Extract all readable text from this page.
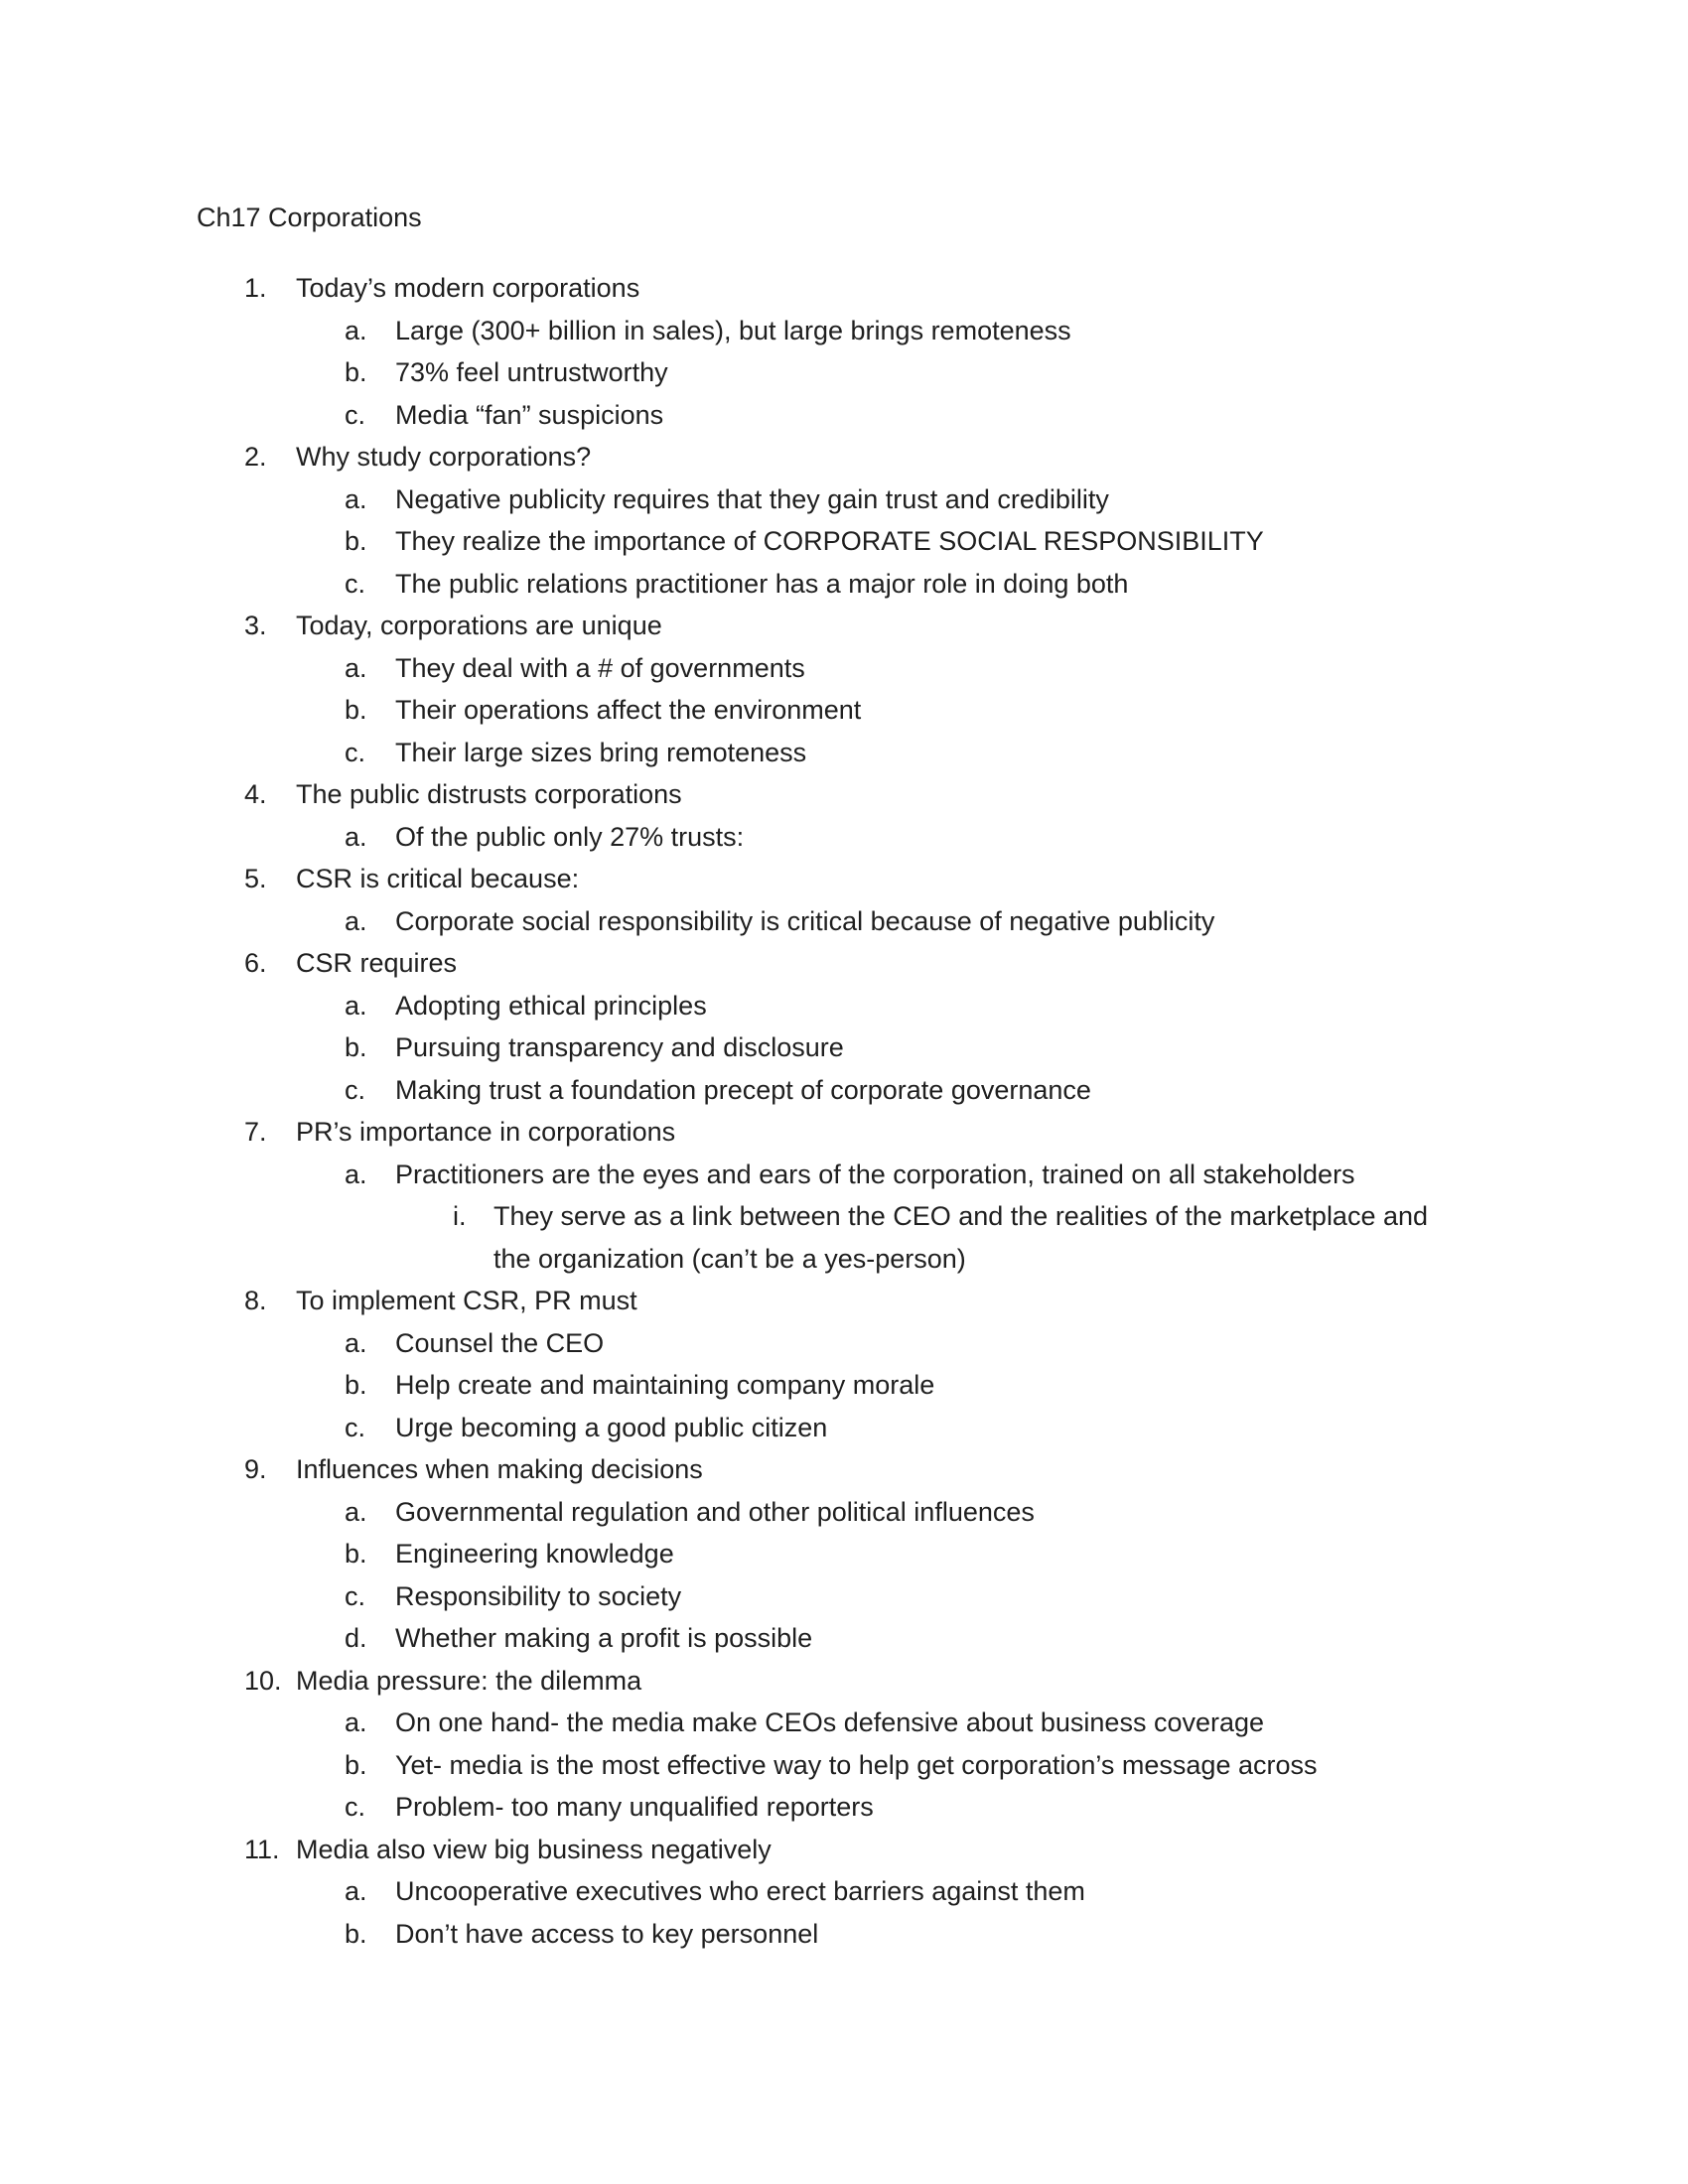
Ch17 Corporations
1. Today’s modern corporations
a. Large (300+ billion in sales), but large brings remoteness
b. 73% feel untrustworthy
c. Media “fan” suspicions
2. Why study corporations?
a. Negative publicity requires that they gain trust and credibility
b. They realize the importance of CORPORATE SOCIAL RESPONSIBILITY
c. The public relations practitioner has a major role in doing both
3. Today, corporations are unique
a. They deal with a # of governments
b. Their operations affect the environment
c. Their large sizes bring remoteness
4. The public distrusts corporations
a. Of the public only 27% trusts:
5. CSR is critical because:
a. Corporate social responsibility is critical because of negative publicity
6. CSR requires
a. Adopting ethical principles
b. Pursuing transparency and disclosure
c. Making trust a foundation precept of corporate governance
7. PR’s importance in corporations
a. Practitioners are the eyes and ears of the corporation, trained on all stakeholders
i. They serve as a link between the CEO and the realities of the marketplace and
the organization (can’t be a yes-person)
8. To implement CSR, PR must
a. Counsel the CEO
b. Help create and maintaining company morale
c. Urge becoming a good public citizen
9. Influences when making decisions
a. Governmental regulation and other political influences
b. Engineering knowledge
c. Responsibility to society
d. Whether making a profit is possible
10. Media pressure: the dilemma
a. On one hand- the media make CEOs defensive about business coverage
b. Yet- media is the most effective way to help get corporation’s message across
c. Problem- too many unqualified reporters
11. Media also view big business negatively
a. Uncooperative executives who erect barriers against them
b. Don’t have access to key personnel
